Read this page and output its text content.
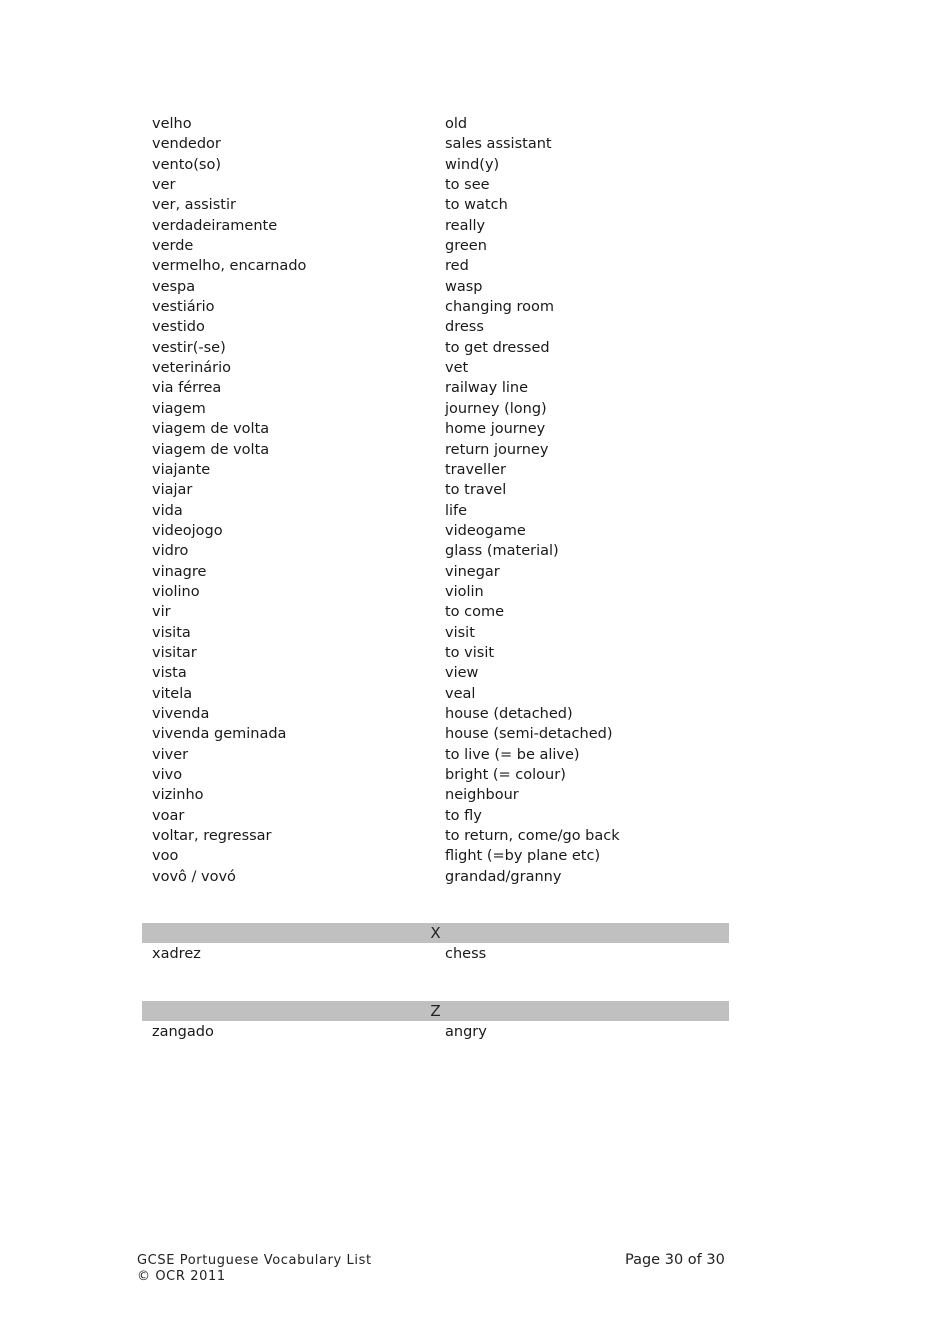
velho	old
vendedor	sales assistant
vento(so)	wind(y)
ver	to see
ver, assistir	to watch
verdadeiramente	really
verde	green
vermelho, encarnado	red
vespa	wasp
vestiário	changing room
vestido	dress
vestir(-se)	to get dressed
veterinário	vet
via férrea	railway line
viagem	journey (long)
viagem de volta	home journey
viagem de volta	return journey
viajante	traveller
viajar	to travel
vida	life
videojogo	videogame
vidro	glass (material)
vinagre	vinegar
violino	violin
vir	to come
visita	visit
visitar	to visit
vista	view
vitela	veal
vivenda	house (detached)
vivenda geminada	house (semi-detached)
viver	to live (= be alive)
vivo	bright (= colour)
vizinho	neighbour
voar	to fly
voltar, regressar	to return, come/go back
voo	flight (=by plane etc)
vovô / vovó	grandad/granny
X
xadrez	chess
Z
zangado	angry
GCSE Portuguese Vocabulary List
© OCR 2011
Page 30 of 30
